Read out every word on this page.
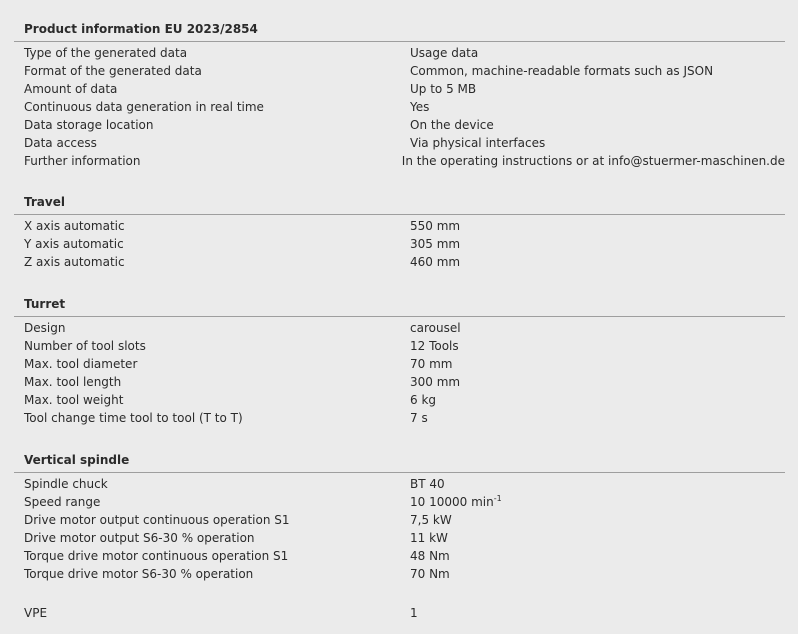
Product information EU 2023/2854
Type of the generated data	Usage data
Format of the generated data	Common, machine-readable formats such as JSON
Amount of data	Up to 5 MB
Continuous data generation in real time	Yes
Data storage location	On the device
Data access	Via physical interfaces
Further information	In the operating instructions or at info@stuermer-maschinen.de
Travel
X axis automatic	550 mm
Y axis automatic	305 mm
Z axis automatic	460 mm
Turret
Design	carousel
Number of tool slots	12 Tools
Max. tool diameter	70 mm
Max. tool length	300 mm
Max. tool weight	6 kg
Tool change time tool to tool (T to T)	7 s
Vertical spindle
Spindle chuck	BT 40
Speed range	10 10000 $\min^{-1}$
Drive motor output continuous operation S1	7,5 kW
Drive motor output S6-30 % operation	11 kW
Torque drive motor continuous operation S1	48 Nm
Torque drive motor S6-30 % operation	70 Nm
VPE	1
